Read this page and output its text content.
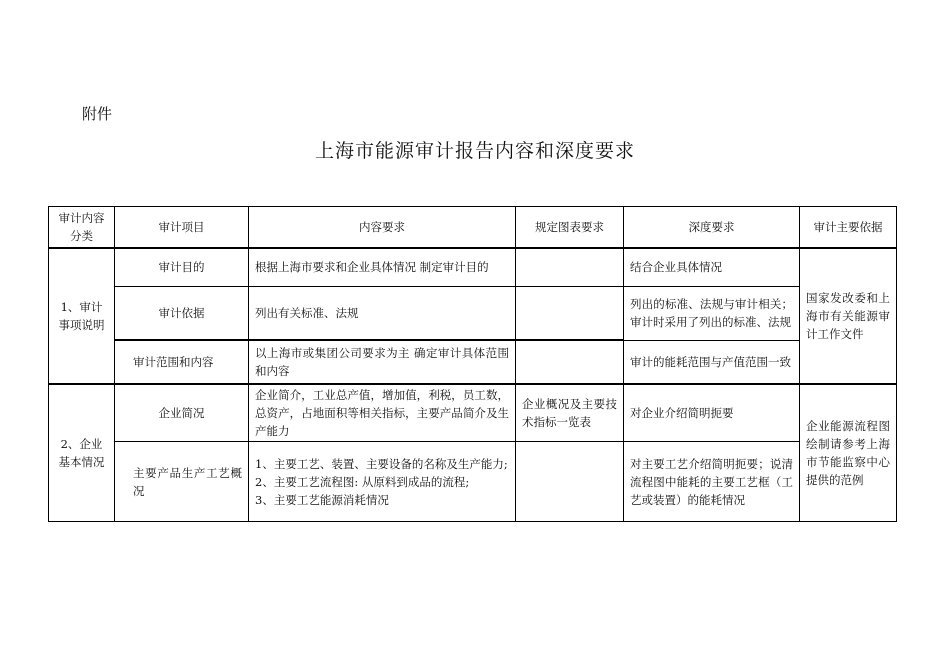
附件
上海市能源审计报告内容和深度要求
审计内容分类	审计项目	内容要求	规定图表要求	深度要求	审计主要依据
1、审计事项说明	审计目的	根据上海市要求和企业具体情况 制定审计目的		结合企业具体情况	国家发改委和上海市有关能源审计工作文件
	审计依据	列出有关标准、法规		列出的标准、法规与审计相关；审计时采用了列出的标准、法规	
	审计范围和内容	以上海市或集团公司要求为主 确定审计具体范围和内容		审计的能耗范围与产值范围一致	
2、企业基本情况	企业简况	企业简介，工业总产值，增加值，利税，员工数，总资产，占地面积等相关指标，主要产品简介及生产能力	企业概况及主要技术指标一览表	对企业介绍简明扼要	企业能源流程图绘制请参考上海市节能监察中心提供的范例
	主要产品生产工艺概况	1、主要工艺、装置、主要设备的名称及生产能力;
2、主要工艺流程图: 从原料到成品的流程;
3、主要工艺能源消耗情况		对主要工艺介绍简明扼要；说清流程图中能耗的主要工艺框（工艺或装置）的能耗情况	
